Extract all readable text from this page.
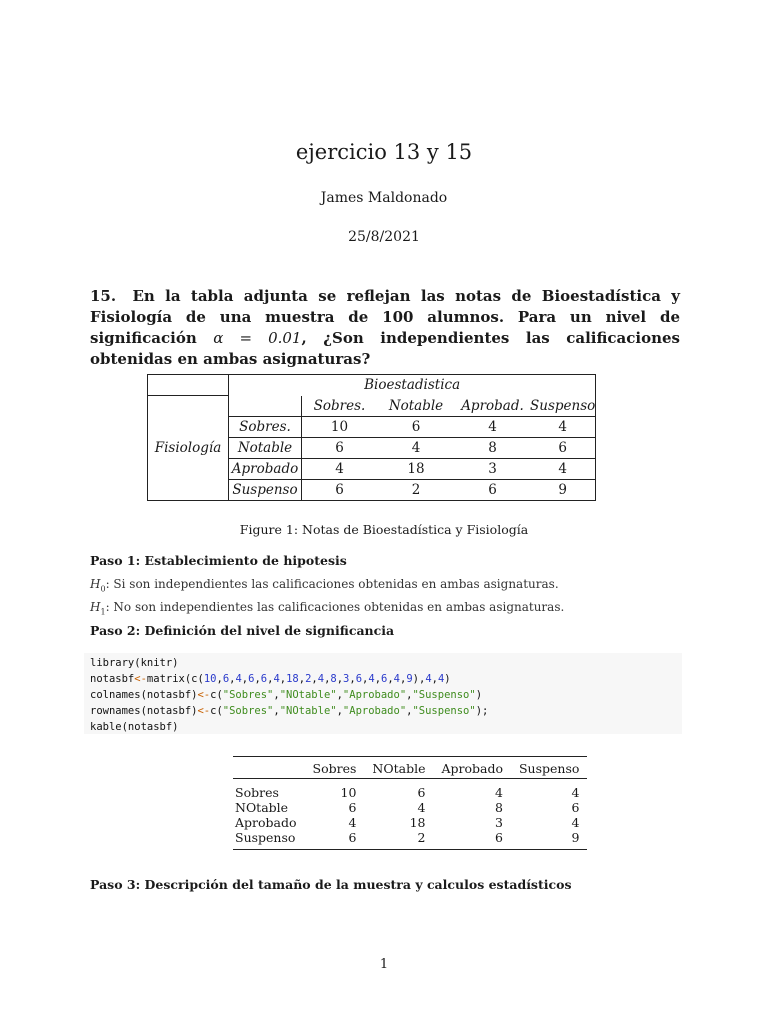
ejercicio 13 y 15
James Maldonado
25/8/2021
15. En la tabla adjunta se reflejan las notas de Bioestadística y Fisiología de una muestra de 100 alumnos. Para un nivel de significación α = 0.01, ¿Son independientes las calificaciones obtenidas en ambas asignaturas?
	Bioestadistica				
		Sobres.	Notable	Aprobad.	Suspenso
	Sobres.	10	6	4	4
Fisiología	Notable	6	4	8	6
	Aprobado	4	18	3	4
	Suspenso	6	2	6	9
Figure 1: Notas de Bioestadística y Fisiología
Paso 1: Establecimiento de hipotesis
$H_0$: Si son independientes las calificaciones obtenidas en ambas asignaturas.
$H_1$: No son independientes las calificaciones obtenidas en ambas asignaturas.
Paso 2: Definición del nivel de significancia
library(knitr)
notasbf<-matrix(c(10,6,4,6,6,4,18,2,4,8,3,6,4,6,4,9),4,4)
colnames(notasbf)<-c("Sobres","NOtable","Aprobado","Suspenso")
rownames(notasbf)<-c("Sobres","NOtable","Aprobado","Suspenso");
kable(notasbf)
	Sobres	NOtable	Aprobado	Suspenso
Sobres	10	6	4	4
NOtable	6	4	8	6
Aprobado	4	18	3	4
Suspenso	6	2	6	9
Paso 3: Descripción del tamaño de la muestra y calculos estadísticos
1
